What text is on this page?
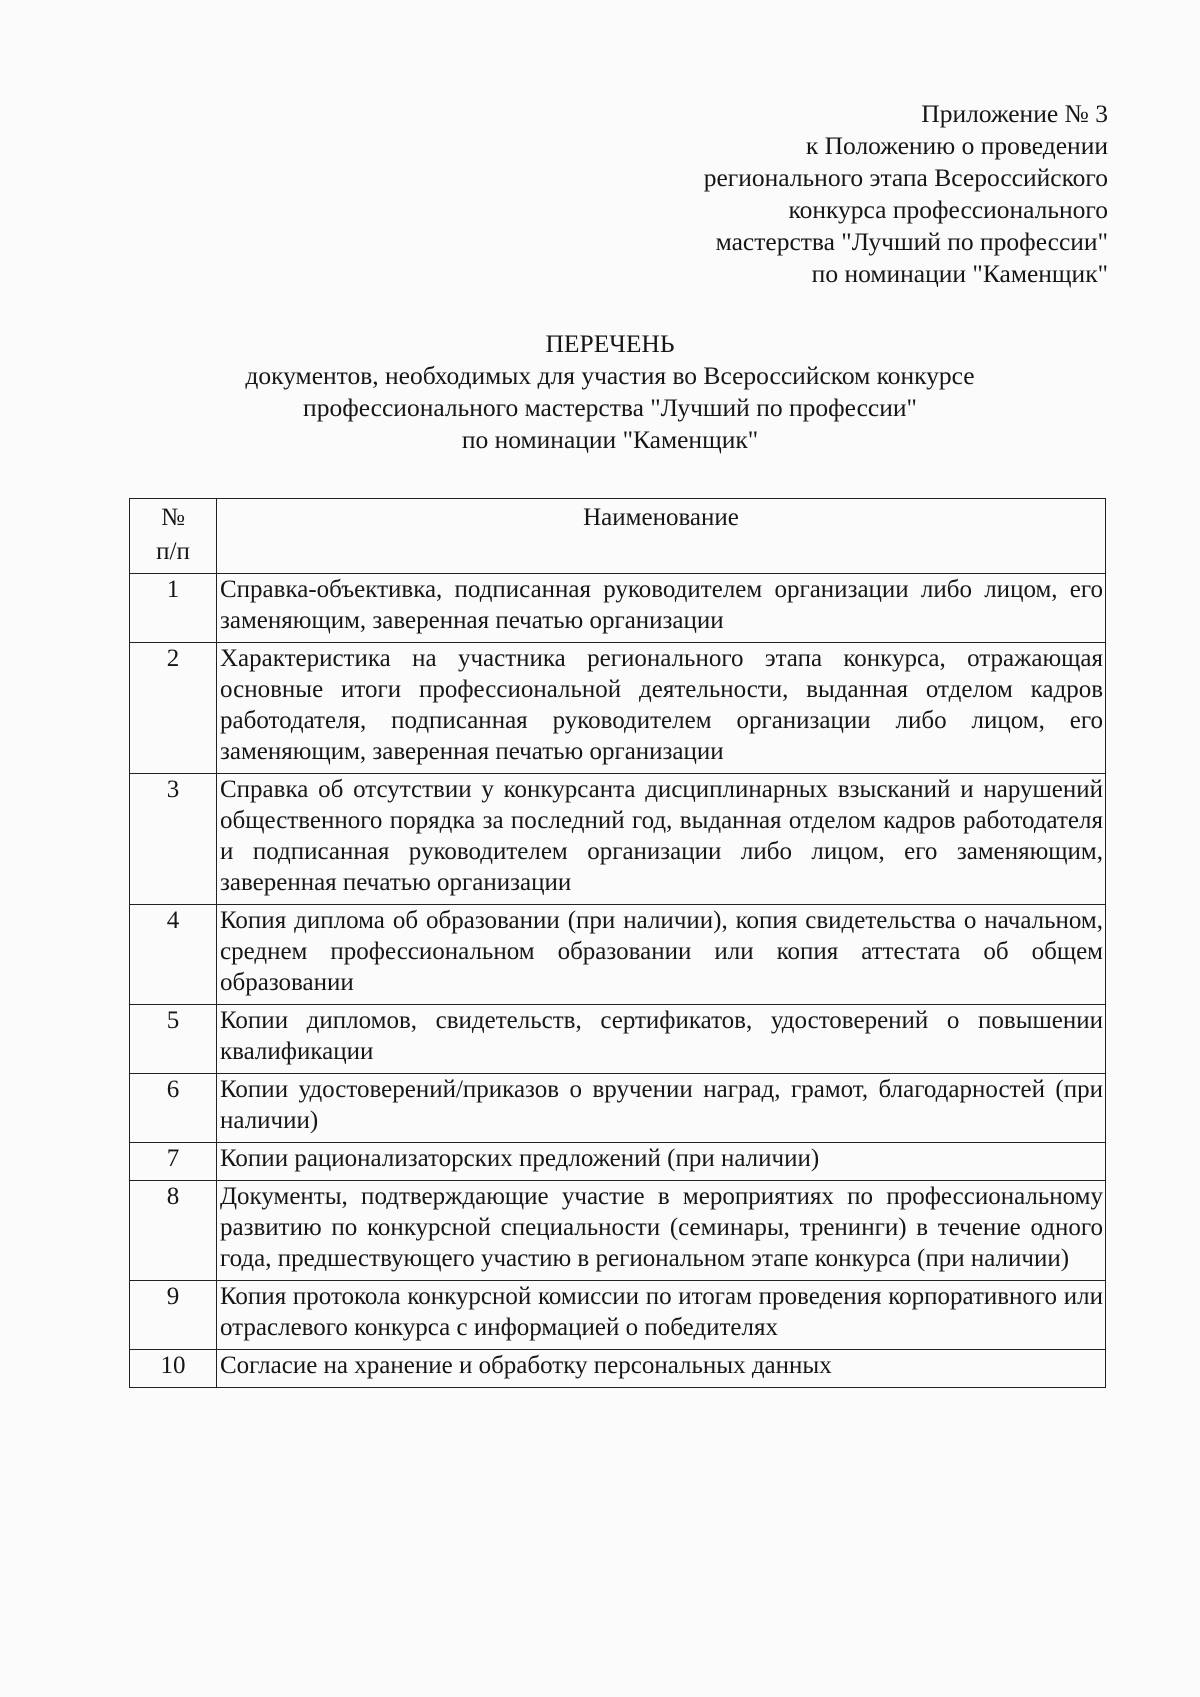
Приложение № 3
к Положению о проведении
регионального этапа Всероссийского
конкурса профессионального
мастерства "Лучший по профессии"
по номинации "Каменщик"
ПЕРЕЧЕНЬ
документов, необходимых для участия во Всероссийском конкурсе
профессионального мастерства "Лучший по профессии"
по номинации "Каменщик"
№
п/п	Наименование
1	Справка-объективка, подписанная руководителем организации либо лицом, его заменяющим, заверенная печатью организации
2	Характеристика на участника регионального этапа конкурса, отражающая основные итоги профессиональной деятельности, выданная отделом кадров работодателя, подписанная руководителем организации либо лицом, его заменяющим, заверенная печатью организации
3	Справка об отсутствии у конкурсанта дисциплинарных взысканий и нарушений общественного порядка за последний год, выданная отделом кадров работодателя и подписанная руководителем организации либо лицом, его заменяющим, заверенная печатью организации
4	Копия диплома об образовании (при наличии), копия свидетельства о начальном, среднем профессиональном образовании или копия аттестата об общем образовании
5	Копии дипломов, свидетельств, сертификатов, удостоверений о повышении квалификации
6	Копии удостоверений/приказов о вручении наград, грамот, благодарностей (при наличии)
7	Копии рационализаторских предложений (при наличии)
8	Документы, подтверждающие участие в мероприятиях по профессиональному развитию по конкурсной специальности (семинары, тренинги) в течение одного года, предшествующего участию в региональном этапе конкурса (при наличии)
9	Копия протокола конкурсной комиссии по итогам проведения корпоративного или отраслевого конкурса с информацией о победителях
10	Согласие на хранение и обработку персональных данных
